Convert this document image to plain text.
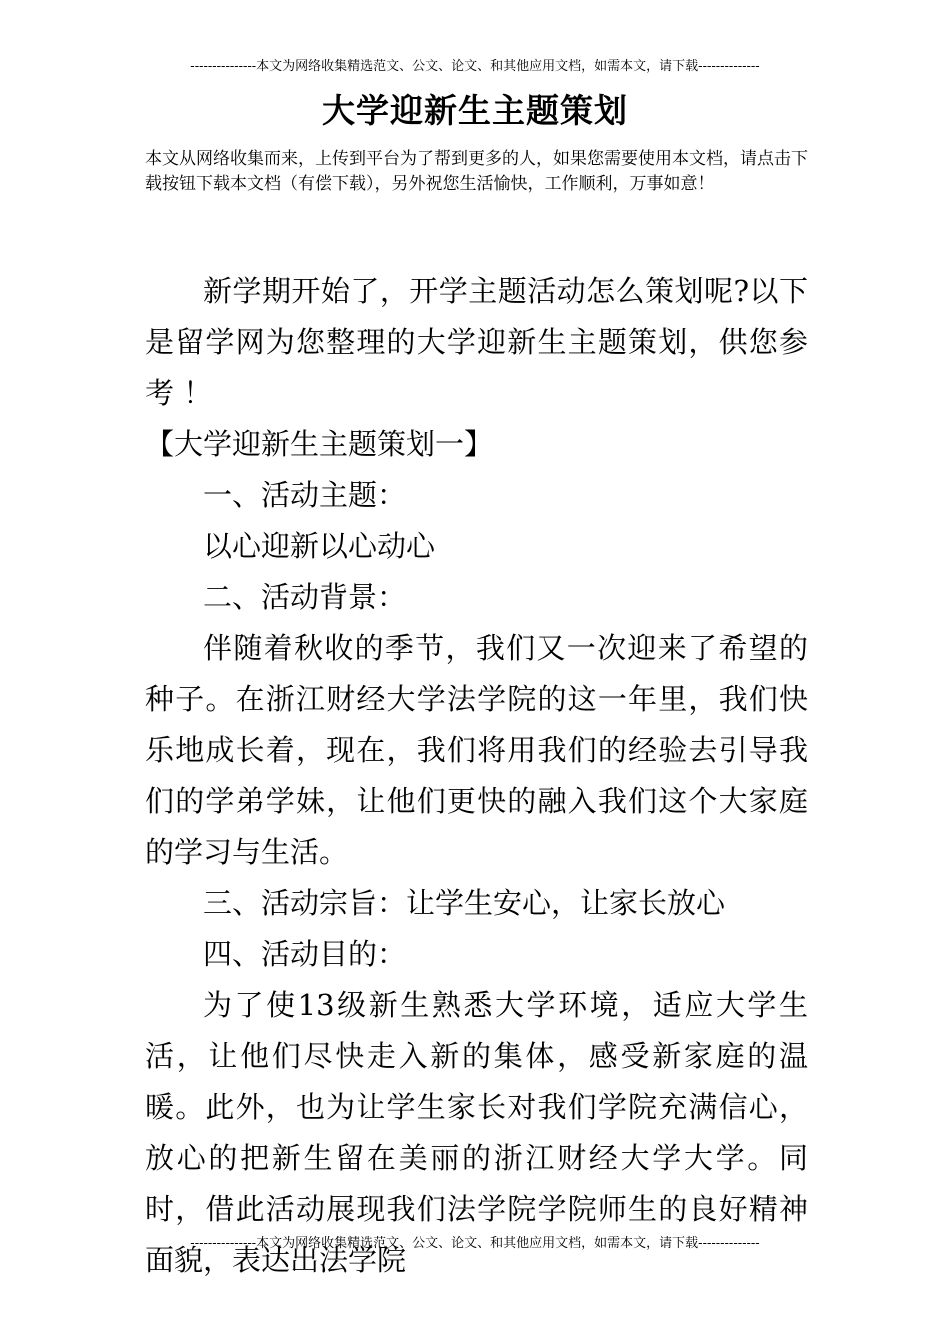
---------------本文为网络收集精选范文、公文、论文、和其他应用文档，如需本文，请下载--------------
大学迎新生主题策划
本文从网络收集而来，上传到平台为了帮到更多的人，如果您需要使用本文档，请点击下载按钮下载本文档（有偿下载），另外祝您生活愉快，工作顺利，万事如意！

新学期开始了，开学主题活动怎么策划呢?以下是留学网为您整理的大学迎新生主题策划，供您参考 ！

【大学迎新生主题策划一】

一、活动主题：

以心迎新以心动心

二、活动背景：

伴随着秋收的季节，我们又一次迎来了希望的种子。在浙江财经大学法学院的这一年里，我们快乐地成长着，现在，我们将用我们的经验去引导我们的学弟学妹，让他们更快的融入我们这个大家庭的学习与生活。

三、活动宗旨：让学生安心，让家长放心

四、活动目的：

为了使13级新生熟悉大学环境，适应大学生活，让他们尽快走入新的集体，感受新家庭的温暖。此外，也为让学生家长对我们学院充满信心，放心的把新生留在美丽的浙江财经大学大学。同时，借此活动展现我们法学院学院师生的良好精神面貌，表达出法学院

---------------本文为网络收集精选范文、公文、论文、和其他应用文档，如需本文，请下载--------------
